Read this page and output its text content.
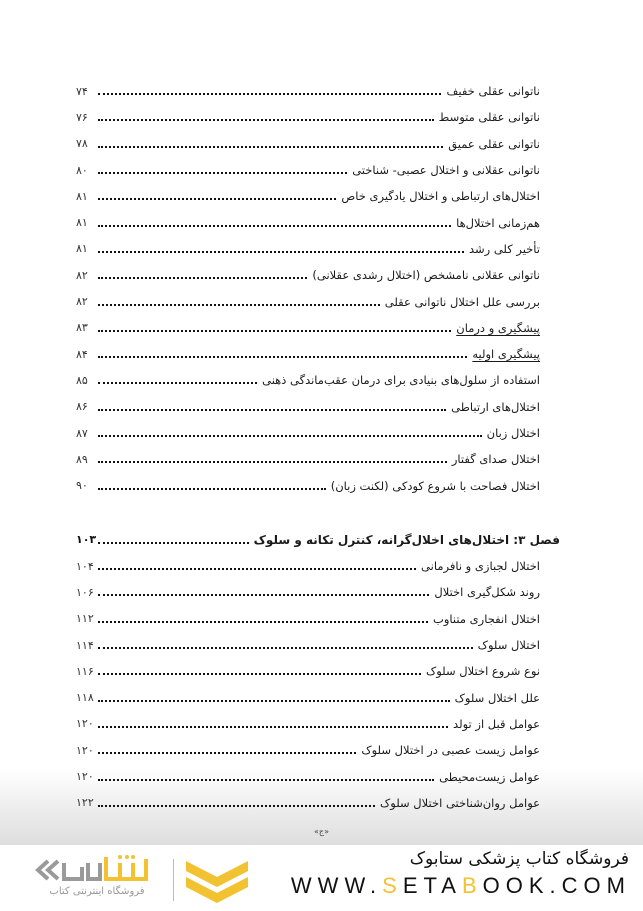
ناتوانی عقلی خفیف
۷۴
ناتوانی عقلی متوسط
۷۶
ناتوانی عقلی عمیق
۷۸
ناتوانی عقلانی و اختلال عصبی- شناختی
۸۰
اختلال‌های ارتباطی و اختلال یادگیری خاص
۸۱
هم‌زمانی اختلال‌ها
۸۱
تأخیر کلی رشد
۸۱
ناتوانی عقلانی نامشخص (اختلال رشدی عقلانی)
۸۲
بررسی علل اختلال ناتوانی عقلی
۸۲
پیشگیری و درمان
۸۳
پیشگیری اولیه
۸۴
استفاده از سلول‌های بنیادی برای درمان عقب‌ماندگی ذهنی
۸۵
اختلال‌های ارتباطی
۸۶
اختلال زبان
۸۷
اختلال صدای گفتار
۸۹
اختلال فصاحت با شروع کودکی (لکنت زبان)
۹۰
فصل ۳: اختلال‌های اخلال‌گرانه، کنترل تکانه و سلوک
۱۰۳
اختلال لجبازی و نافرمانی
۱۰۴
روند شکل‌گیری اختلال
۱۰۶
اختلال انفجاری متناوب
۱۱۲
اختلال سلوک
۱۱۴
نوع شروع اختلال سلوک
۱۱۶
علل اختلال سلوک
۱۱۸
عوامل قبل از تولد
۱۲۰
عوامل زیست عصبی در اختلال سلوک
۱۲۰
عوامل زیست‌محیطی
۱۲۰
عوامل روان‌شناختی اختلال سلوک
۱۲۲
«ج»
فروشگاه اینترنتی کتاب
فروشگاه کتاب پزشکی ستابوک
WWW.SETABOOK.COM
